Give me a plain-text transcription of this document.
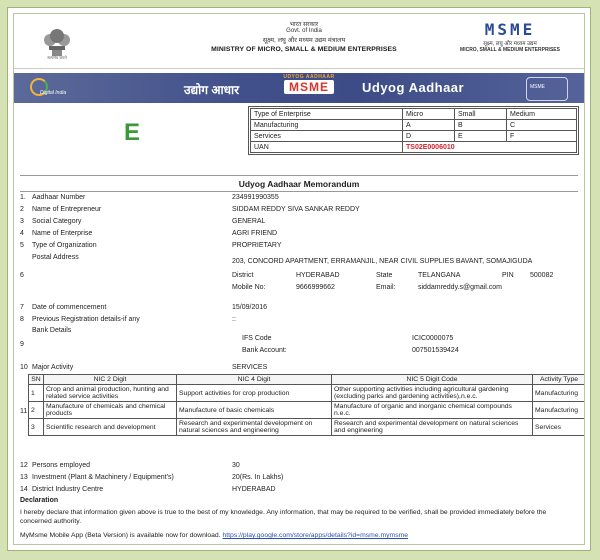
सत्यमेव जयते
भारत सरकार
Govt. of India
सूक्ष्म, लघु और मध्यम उद्यम मंत्रालय
MINISTRY OF MICRO, SMALL & MEDIUM ENTERPRISES
MSME
सूक्ष्म, लघु और मध्यम उद्यम
MICRO, SMALL & MEDIUM ENTERPRISES
Digital India	उद्योग आधार
UDYOG AADHAAR
MSME	Udyog Aadhaar	MSME
E
Type of Enterprise	Micro	Small	Medium
Manufacturing	A	B	C
Services	D	E	F
UAN	TS02E0006010		
Udyog Aadhaar Memorandum
1. Aadhaar Number	234991990355
2 Name of Entrepreneur	SIDDAM REDDY SIVA SANKAR REDDY
3 Social Category	GENERAL
4 Name of Enterprise	AGRI FRIEND
5 Type of Organization	PROPRIETARY
Postal Address
6
203, CONCORD APARTMENT, ERRAMANJIL, NEAR CIVIL SUPPLIES BAVANT, SOMAJIGUDA
District	HYDERABAD	State	TELANGANA	PIN 500082
Mobile No:	9666999662	Email:	siddamreddy.s@gmail.com
7 Date of commencement	15/09/2016
8 Previous Registration details-if any	::
Bank Details
9
IFS Code	ICIC0000075
Bank Account:	007501539424
10 Major Activity	SERVICES
11
SN	NIC 2 Digit	NIC 4 Digit	NIC 5 Digit Code	Activity Type
1	Crop and animal production, hunting and related service activities	Support activities for crop production	Other supporting activities including agricultural gardening (excluding parks and gardening activities),n.e.c.	Manufacturing
2	Manufacture of chemicals and chemical products	Manufacture of basic chemicals	Manufacture of organic and inorganic chemical compounds n.e.c.	Manufacturing
3	Scientific research and development	Research and experimental development on natural sciences and engineering	Research and experimental development on natural sciences and engineering	Services
12 Persons employed	30
13 Investment (Plant & Machinery / Equipment's)	20(Rs. In Lakhs)
14 District Industry Centre	HYDERABAD
Declaration
I hereby declare that information given above is true to the best of my knowledge. Any information, that may be required to be verified, shall be provided immediately before the concerned authority.
MyMsme Mobile App (Beta Version) is available now for download. https://play.google.com/store/apps/details?id=msme.mymsme
